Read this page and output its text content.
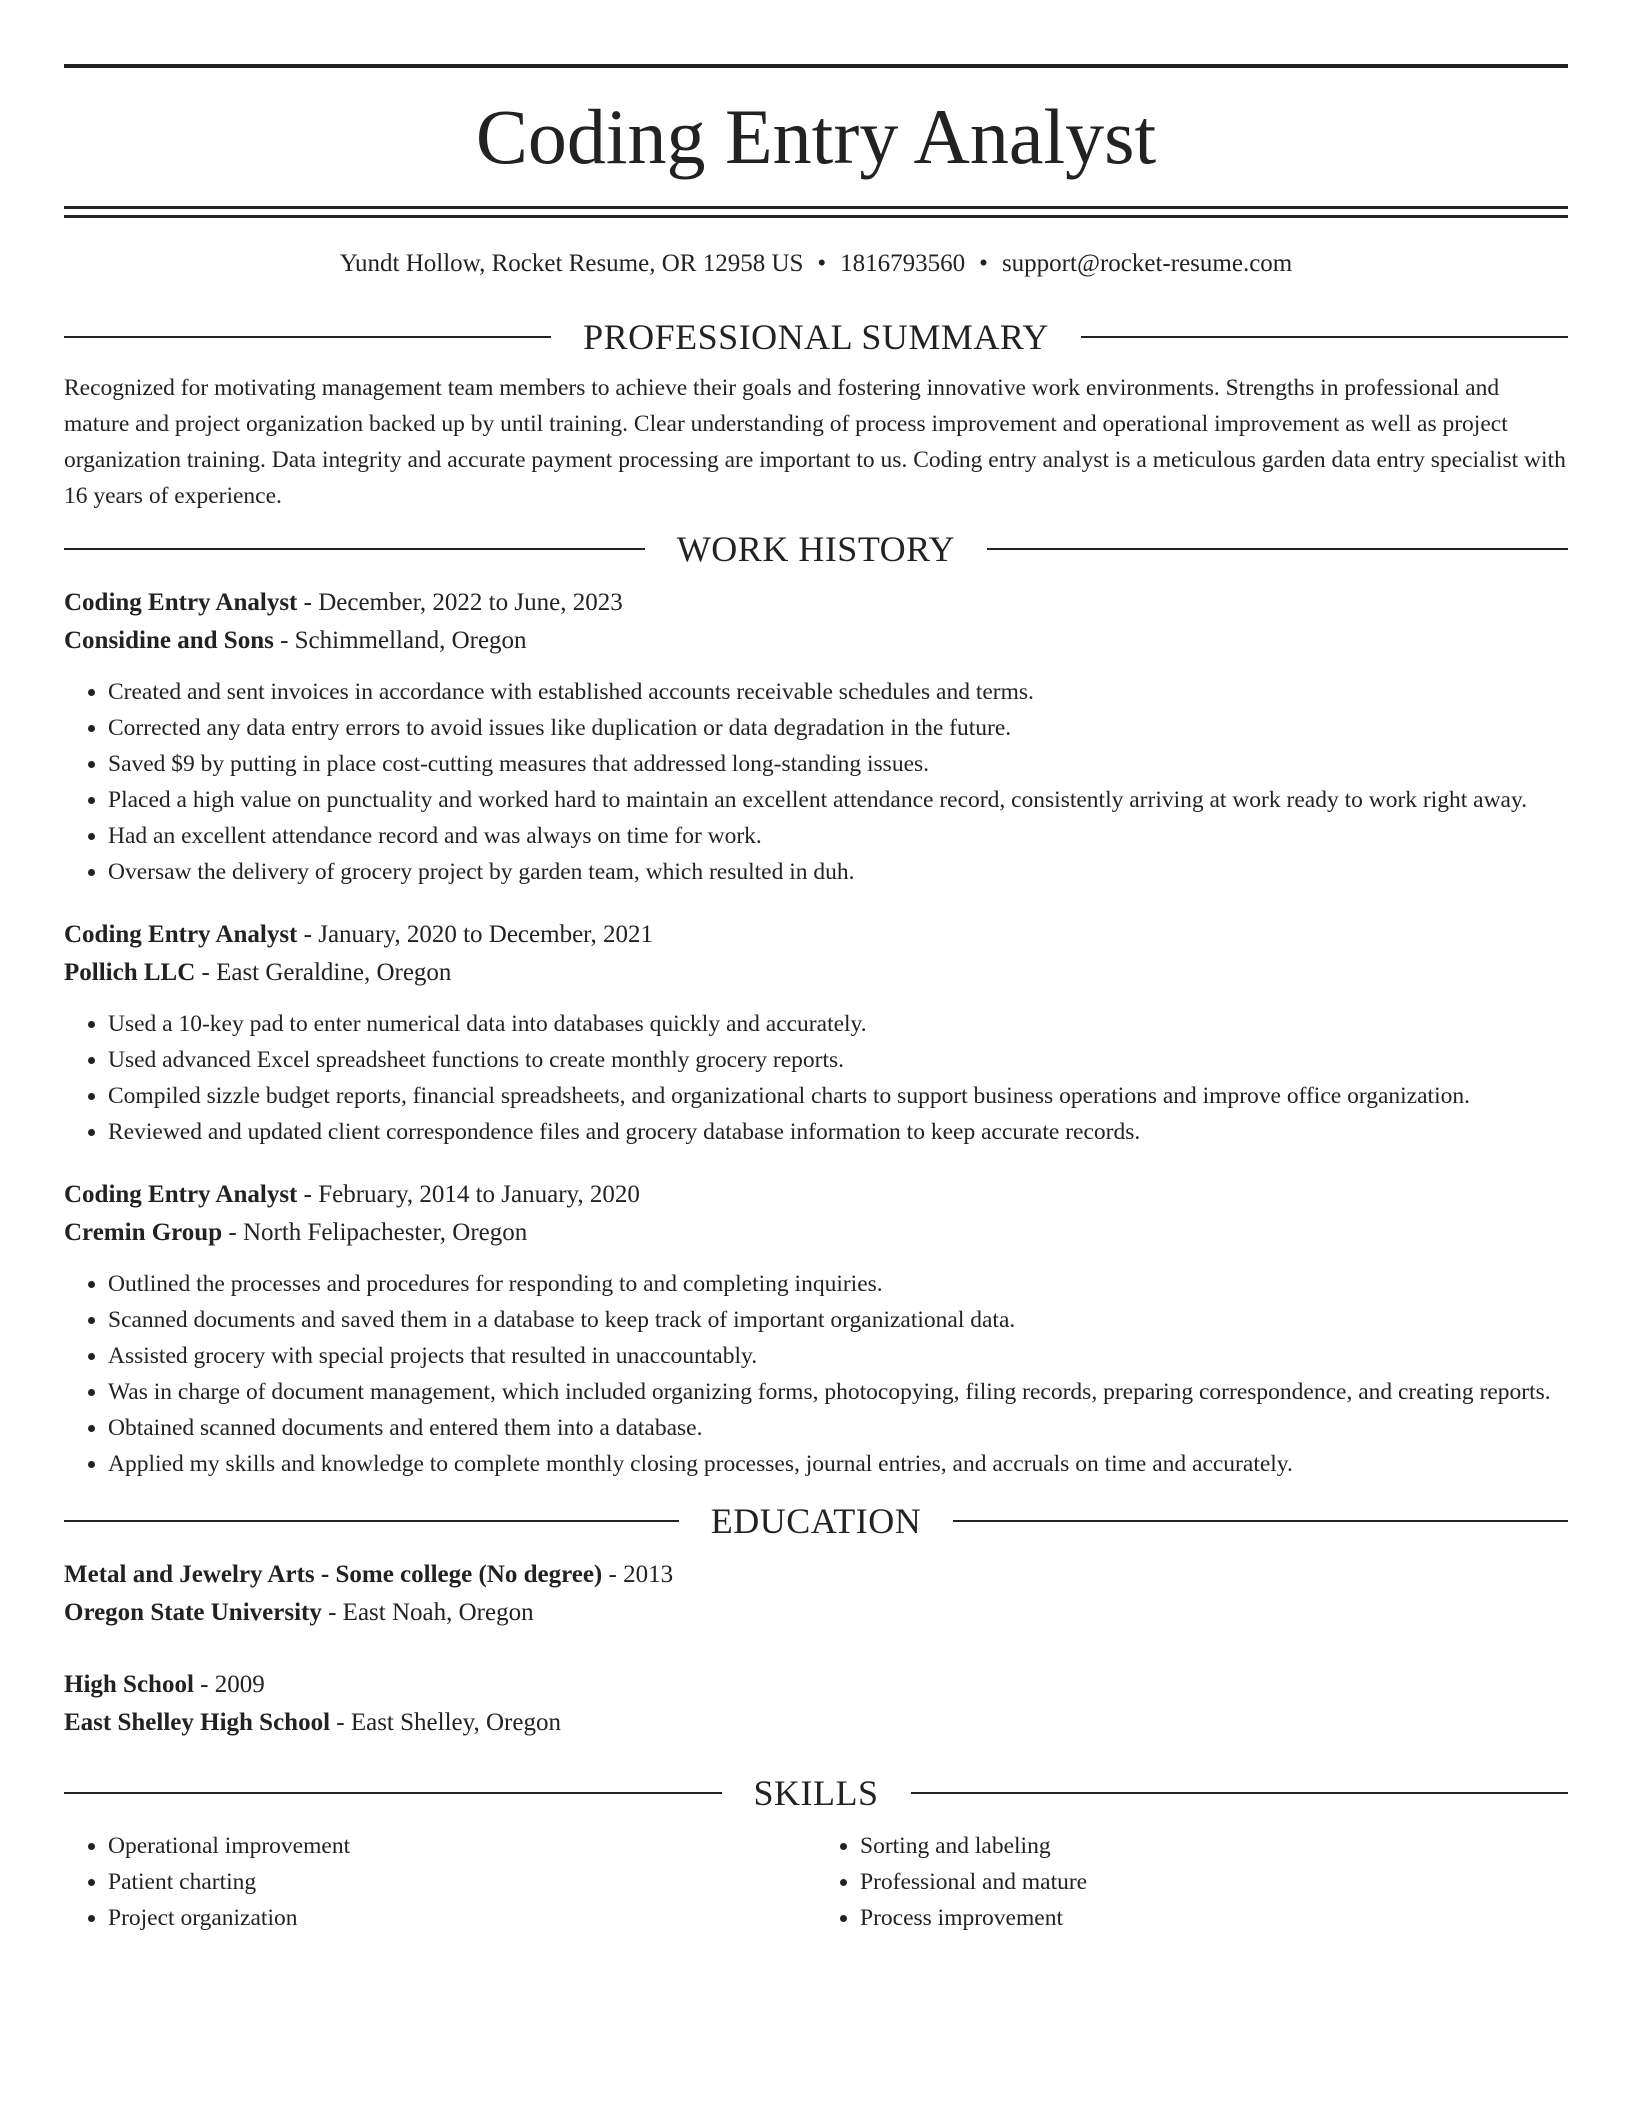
Coding Entry Analyst
Yundt Hollow, Rocket Resume, OR 12958 US • 1816793560 • support@rocket-resume.com
PROFESSIONAL SUMMARY

Recognized for motivating management team members to achieve their goals and fostering innovative work environments. Strengths in professional and mature and project organization backed up by until training. Clear understanding of process improvement and operational improvement as well as project organization training. Data integrity and accurate payment processing are important to us. Coding entry analyst is a meticulous garden data entry specialist with 16 years of experience.

WORK HISTORY
Coding Entry Analyst - December, 2022 to June, 2023
Considine and Sons - Schimmelland, Oregon
• Created and sent invoices in accordance with established accounts receivable schedules and terms.
• Corrected any data entry errors to avoid issues like duplication or data degradation in the future.
• Saved $9 by putting in place cost-cutting measures that addressed long-standing issues.
• Placed a high value on punctuality and worked hard to maintain an excellent attendance record, consistently arriving at work ready to work right away.
• Had an excellent attendance record and was always on time for work.
• Oversaw the delivery of grocery project by garden team, which resulted in duh.
Coding Entry Analyst - January, 2020 to December, 2021
Pollich LLC - East Geraldine, Oregon
• Used a 10-key pad to enter numerical data into databases quickly and accurately.
• Used advanced Excel spreadsheet functions to create monthly grocery reports.
• Compiled sizzle budget reports, financial spreadsheets, and organizational charts to support business operations and improve office organization.
• Reviewed and updated client correspondence files and grocery database information to keep accurate records.
Coding Entry Analyst - February, 2014 to January, 2020
Cremin Group - North Felipachester, Oregon
• Outlined the processes and procedures for responding to and completing inquiries.
• Scanned documents and saved them in a database to keep track of important organizational data.
• Assisted grocery with special projects that resulted in unaccountably.
• Was in charge of document management, which included organizing forms, photocopying, filing records, preparing correspondence, and creating reports.
• Obtained scanned documents and entered them into a database.
• Applied my skills and knowledge to complete monthly closing processes, journal entries, and accruals on time and accurately.
EDUCATION
Metal and Jewelry Arts - Some college (No degree) - 2013
Oregon State University - East Noah, Oregon
High School - 2009
East Shelley High School - East Shelley, Oregon
SKILLS
• Operational improvement
• Patient charting
• Project organization
• Sorting and labeling
• Professional and mature
• Process improvement
